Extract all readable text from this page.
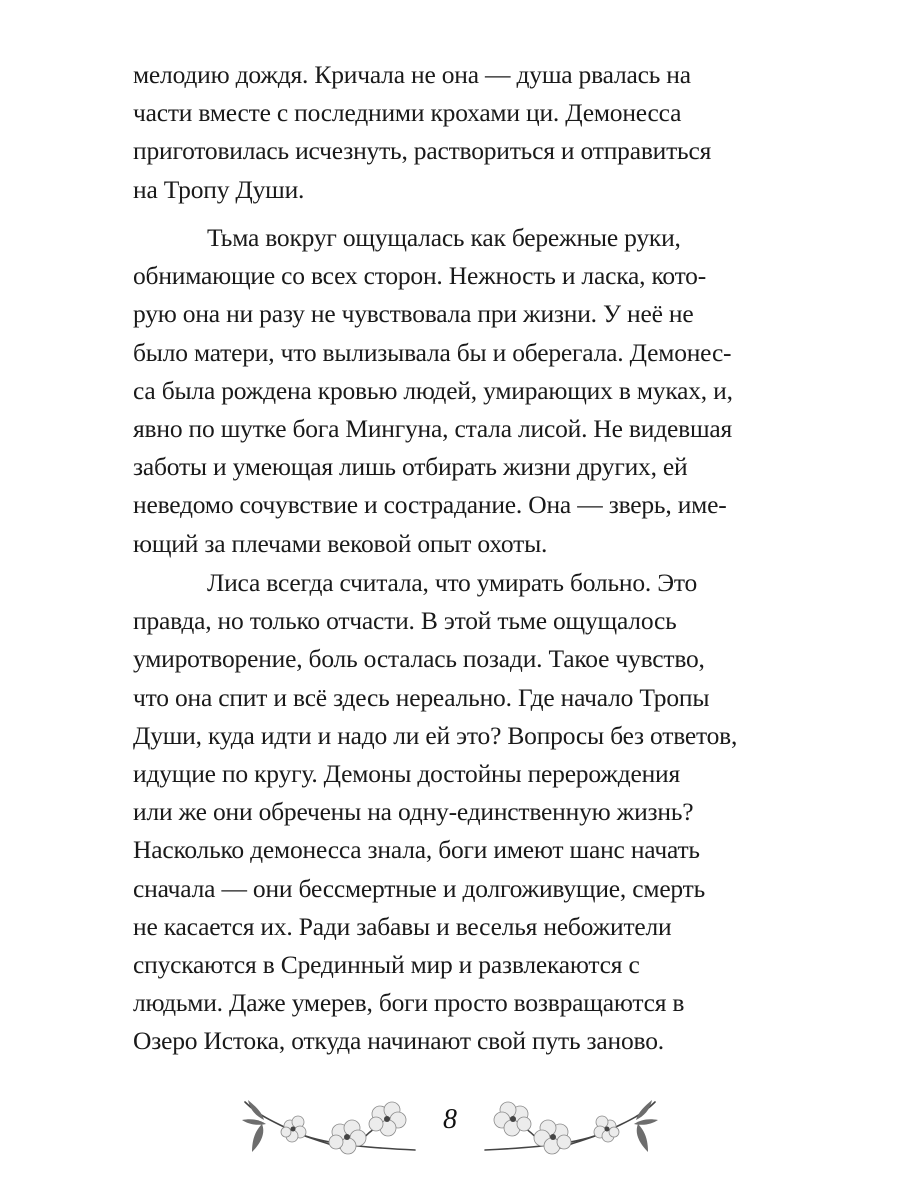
мелодию дождя. Кричала не она — душа рвалась на
части вместе с последними крохами ци. Демонесса
приготовилась исчезнуть, раствориться и отправиться
на Тропу Души.
Тьма вокруг ощущалась как бережные руки,
обнимающие со всех сторон. Нежность и ласка, кото-
рую она ни разу не чувствовала при жизни. У неё не
было матери, что вылизывала бы и оберегала. Демонес-
са была рождена кровью людей, умирающих в муках, и,
явно по шутке бога Мингуна, стала лисой. Не видевшая
заботы и умеющая лишь отбирать жизни других, ей
неведомо сочувствие и сострадание. Она — зверь, име-
ющий за плечами вековой опыт охоты.
Лиса всегда считала, что умирать больно. Это
правда, но только отчасти. В этой тьме ощущалось
умиротворение, боль осталась позади. Такое чувство,
что она спит и всё здесь нереально. Где начало Тропы
Души, куда идти и надо ли ей это? Вопросы без ответов,
идущие по кругу. Демоны достойны перерождения
или же они обречены на одну-единственную жизнь?
Насколько демонесса знала, боги имеют шанс начать
сначала — они бессмертные и долгоживущие, смерть
не касается их. Ради забавы и веселья небожители
спускаются в Срединный мир и развлекаются с
людьми. Даже умерев, боги просто возвращаются в
Озеро Истока, откуда начинают свой путь заново.
8
